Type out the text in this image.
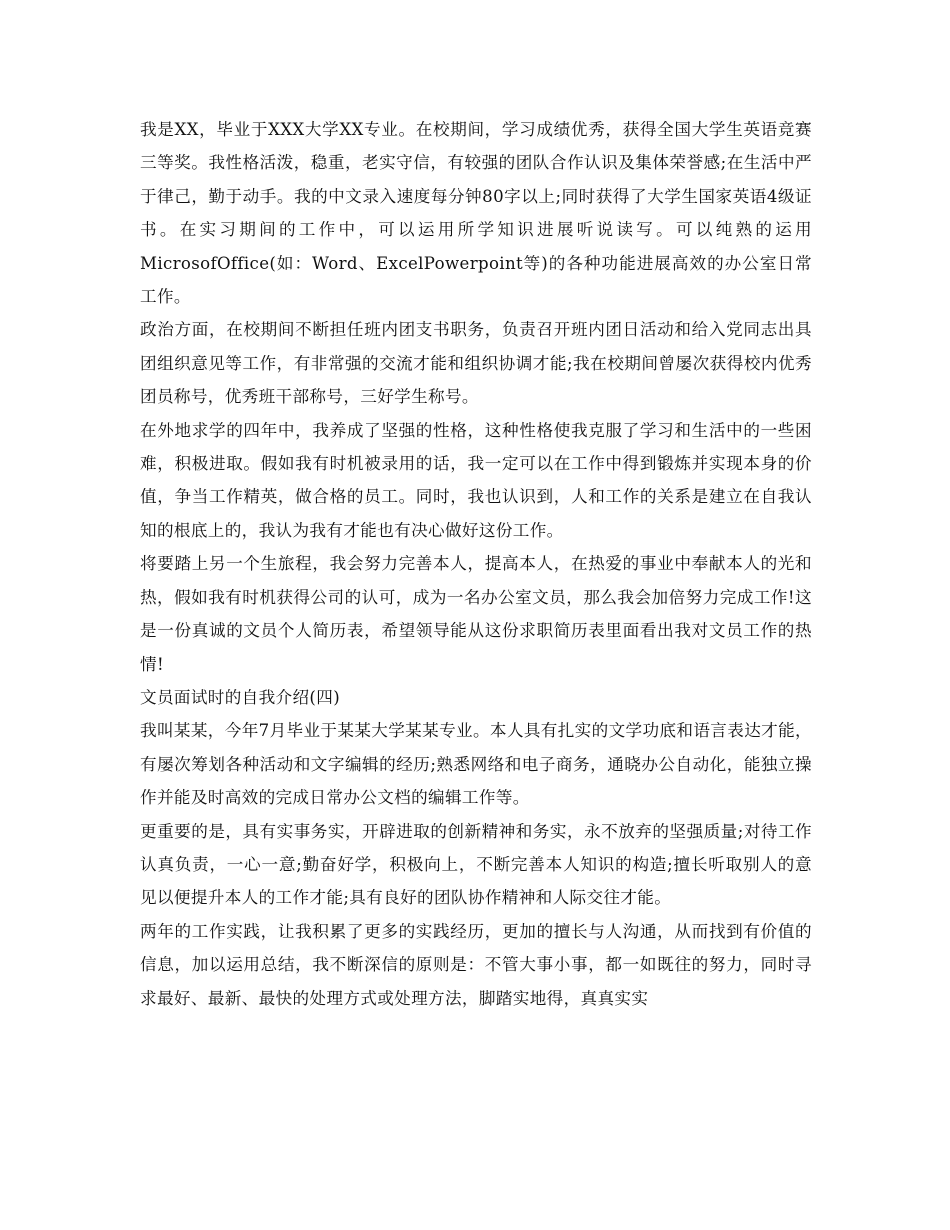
我是XX，毕业于XXX大学XX专业。在校期间，学习成绩优秀，获得全国大学生英语竞赛三等奖。我性格活泼，稳重，老实守信，有较强的团队合作认识及集体荣誉感;在生活中严于律己，勤于动手。我的中文录入速度每分钟80字以上;同时获得了大学生国家英语4级证书。在实习期间的工作中，可以运用所学知识进展听说读写。可以纯熟的运用MicrosofOffice(如：Word、ExcelPowerpoint等)的各种功能进展高效的办公室日常工作。

政治方面，在校期间不断担任班内团支书职务，负责召开班内团日活动和给入党同志出具团组织意见等工作，有非常强的交流才能和组织协调才能;我在校期间曾屡次获得校内优秀团员称号，优秀班干部称号，三好学生称号。

在外地求学的四年中，我养成了坚强的性格，这种性格使我克服了学习和生活中的一些困难，积极进取。假如我有时机被录用的话，我一定可以在工作中得到锻炼并实现本身的价值，争当工作精英，做合格的员工。同时，我也认识到，人和工作的关系是建立在自我认知的根底上的，我认为我有才能也有决心做好这份工作。

将要踏上另一个生旅程，我会努力完善本人，提高本人，在热爱的事业中奉献本人的光和热，假如我有时机获得公司的认可，成为一名办公室文员，那么我会加倍努力完成工作!这是一份真诚的文员个人简历表，希望领导能从这份求职简历表里面看出我对文员工作的热情!

文员面试时的自我介绍(四)

我叫某某，今年7月毕业于某某大学某某专业。本人具有扎实的文学功底和语言表达才能，有屡次筹划各种活动和文字编辑的经历;熟悉网络和电子商务，通晓办公自动化，能独立操作并能及时高效的完成日常办公文档的编辑工作等。

更重要的是，具有实事务实，开辟进取的创新精神和务实，永不放弃的坚强质量;对待工作认真负责，一心一意;勤奋好学，积极向上，不断完善本人知识的构造;擅长听取别人的意见以便提升本人的工作才能;具有良好的团队协作精神和人际交往才能。

两年的工作实践，让我积累了更多的实践经历，更加的擅长与人沟通，从而找到有价值的信息，加以运用总结，我不断深信的原则是：不管大事小事，都一如既往的努力，同时寻求最好、最新、最快的处理方式或处理方法，脚踏实地得，真真实实
